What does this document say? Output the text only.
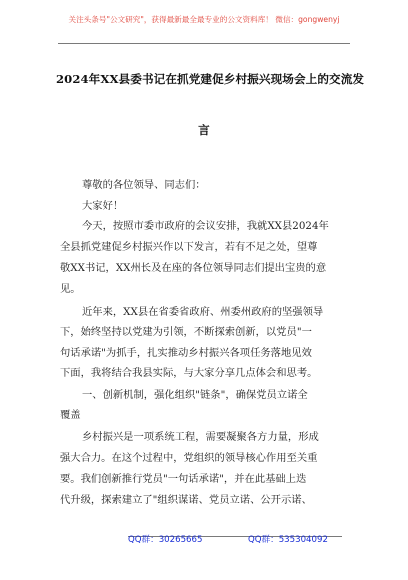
关注头条号"公文研究"，获得最新最全最专业的公文资料库！ 微信：gongwenyj
2024年XX县委书记在抓党建促乡村振兴现场会上的交流发
言
尊敬的各位领导、同志们：
大家好！
今天，按照市委市政府的会议安排，我就XX县2024年
全县抓党建促乡村振兴作以下发言，若有不足之处，望尊
敬XX书记，XX州长及在座的各位领导同志们提出宝贵的意
见。
近年来，XX县在省委省政府、州委州政府的坚强领导
下，始终坚持以党建为引领，不断探索创新，以党员"一
句话承诺"为抓手，扎实推动乡村振兴各项任务落地见效
下面，我将结合我县实际，与大家分享几点体会和思考。
一、创新机制，强化组织"链条"，确保党员立诺全
覆盖
乡村振兴是一项系统工程，需要凝聚各方力量，形成
强大合力。在这个过程中，党组织的领导核心作用至关重
要。我们创新推行党员"一句话承诺"，并在此基础上迭
代升级，探索建立了"组织谋诺、党员立诺、公开示诺、
QQ群：30265665	QQ群：535304092
